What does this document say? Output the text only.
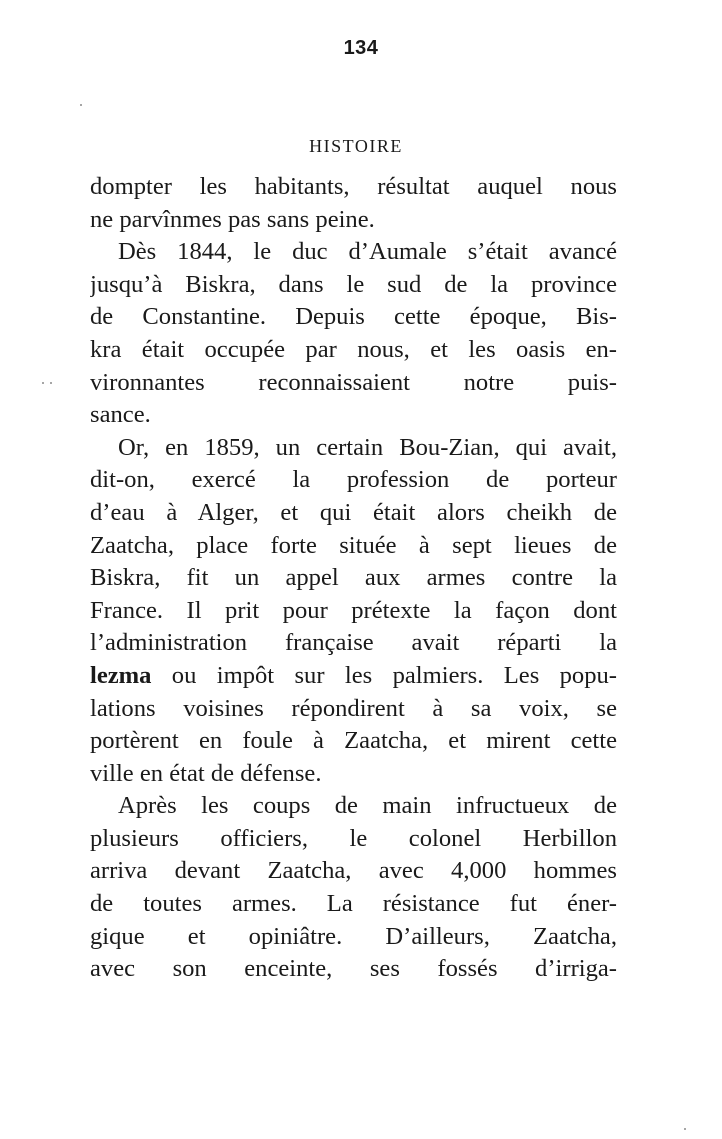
134
HISTOIRE
dompter les habitants, résultat auquel nous
ne parvînmes pas sans peine.
Dès 1844, le duc d’Aumale s’était avancé
jusqu’à Biskra, dans le sud de la province
de Constantine. Depuis cette époque, Bis-
kra était occupée par nous, et les oasis en-
vironnantes reconnaissaient notre puis-
sance.
Or, en 1859, un certain Bou-Zian, qui avait,
dit-on, exercé la profession de porteur
d’eau à Alger, et qui était alors cheikh de
Zaatcha, place forte située à sept lieues de
Biskra, fit un appel aux armes contre la
France. Il prit pour prétexte la façon dont
l’administration française avait réparti la
lezma ou impôt sur les palmiers. Les popu-
lations voisines répondirent à sa voix, se
portèrent en foule à Zaatcha, et mirent cette
ville en état de défense.
Après les coups de main infructueux de
plusieurs officiers, le colonel Herbillon
arriva devant Zaatcha, avec 4,000 hommes
de toutes armes. La résistance fut éner-
gique et opiniâtre. D’ailleurs, Zaatcha,
avec son enceinte, ses fossés d’irriga-
